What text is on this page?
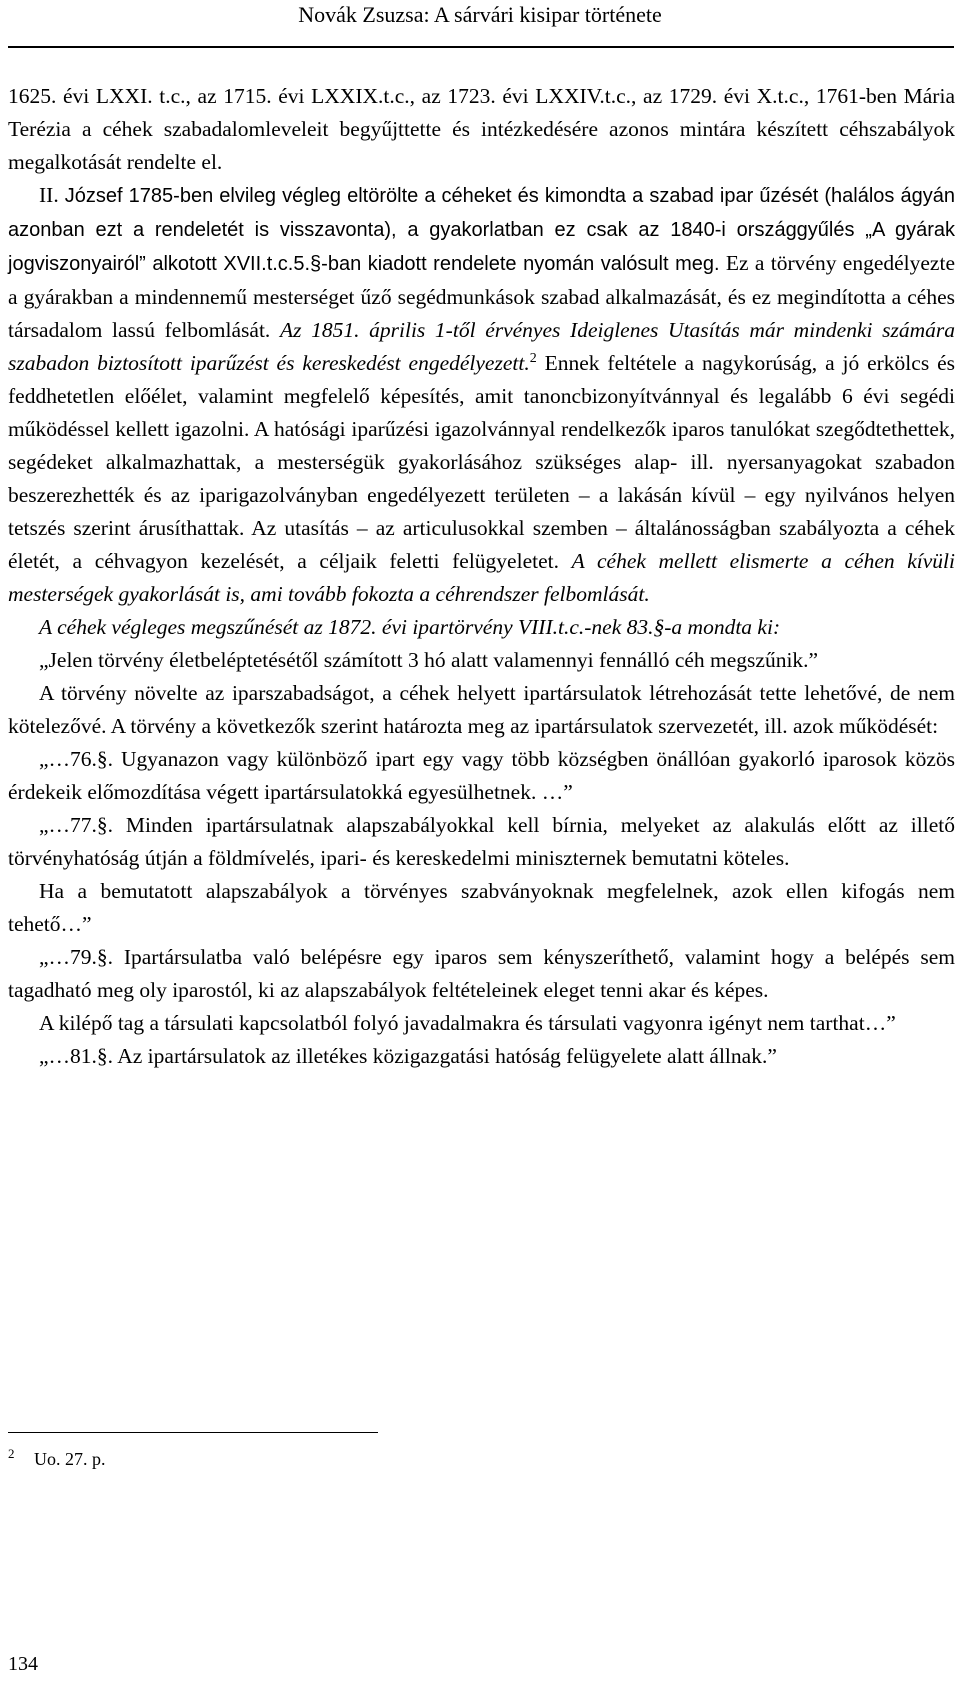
Novák Zsuzsa: A sárvári kisipar története

1625. évi LXXI. t.c., az 1715. évi LXXIX.t.c., az 1723. évi LXXIV.t.c., az 1729. évi X.t.c., 1761-ben Mária Terézia a céhek szabadalomleveleit begyűjttette és intézkedésére azonos mintára készített céhszabályok megalkotását rendelte el.

II. József 1785-ben elvileg végleg eltörölte a céheket és kimondta a szabad ipar űzését (halálos ágyán azonban ezt a rendeletét is visszavonta), a gyakorlatban ez csak az 1840-i országgyűlés „A gyárak jogviszonyairól” alkotott XVII.t.c.5.§-ban kiadott rendelete nyomán valósult meg. Ez a törvény engedélyezte a gyárakban a mindennemű mesterséget űző segédmunkások szabad alkalmazását, és ez megindította a céhes társadalom lassú felbomlását. Az 1851. április 1-től érvényes Ideiglenes Utasítás már mindenki számára szabadon biztosított iparűzést és kereskedést engedélyezett.$^2$ Ennek feltétele a nagykorúság, a jó erkölcs és feddhetetlen előélet, valamint megfelelő képesítés, amit tanoncbizonyítvánnyal és legalább 6 évi segédi működéssel kellett igazolni. A hatósági iparűzési igazolvánnyal rendelkezők iparos tanulókat szegődtethettek, segédeket alkalmazhattak, a mesterségük gyakorlásához szükséges alap- ill. nyersanyagokat szabadon beszerezhették és az iparigazolványban engedélyezett területen – a lakásán kívül – egy nyilvános helyen tetszés szerint árusíthattak. Az utasítás – az articulusokkal szemben – általánosságban szabályozta a céhek életét, a céhvagyon kezelését, a céljaik feletti felügyeletet. A céhek mellett elismerte a céhen kívüli mesterségek gyakorlását is, ami tovább fokozta a céhrendszer felbomlását.

A céhek végleges megszűnését az 1872. évi ipartörvény VIII.t.c.-nek 83.§-a mondta ki:

„Jelen törvény életbeléptetésétől számított 3 hó alatt valamennyi fennálló céh megszűnik.”

A törvény növelte az iparszabadságot, a céhek helyett ipartársulatok létrehozását tette lehetővé, de nem kötelezővé. A törvény a következők szerint határozta meg az ipartársulatok szervezetét, ill. azok működését:

„…76.§. Ugyanazon vagy különböző ipart egy vagy több községben önállóan gyakorló iparosok közös érdekeik előmozdítása végett ipartársulatokká egyesülhetnek. …”

„…77.§. Minden ipartársulatnak alapszabályokkal kell bírnia, melyeket az alakulás előtt az illető törvényhatóság útján a földmívelés, ipari- és kereskedelmi miniszternek bemutatni köteles.

Ha a bemutatott alapszabályok a törvényes szabványoknak megfelelnek, azok ellen kifogás nem tehető…”

„…79.§. Ipartársulatba való belépésre egy iparos sem kényszeríthető, valamint hogy a belépés sem tagadható meg oly iparostól, ki az alapszabályok feltételeinek eleget tenni akar és képes.

A kilépő tag a társulati kapcsolatból folyó javadalmakra és társulati vagyonra igényt nem tarthat…”

„…81.§. Az ipartársulatok az illetékes közigazgatási hatóság felügyelete alatt állnak.”

$^2$ Uo. 27. p.
134
